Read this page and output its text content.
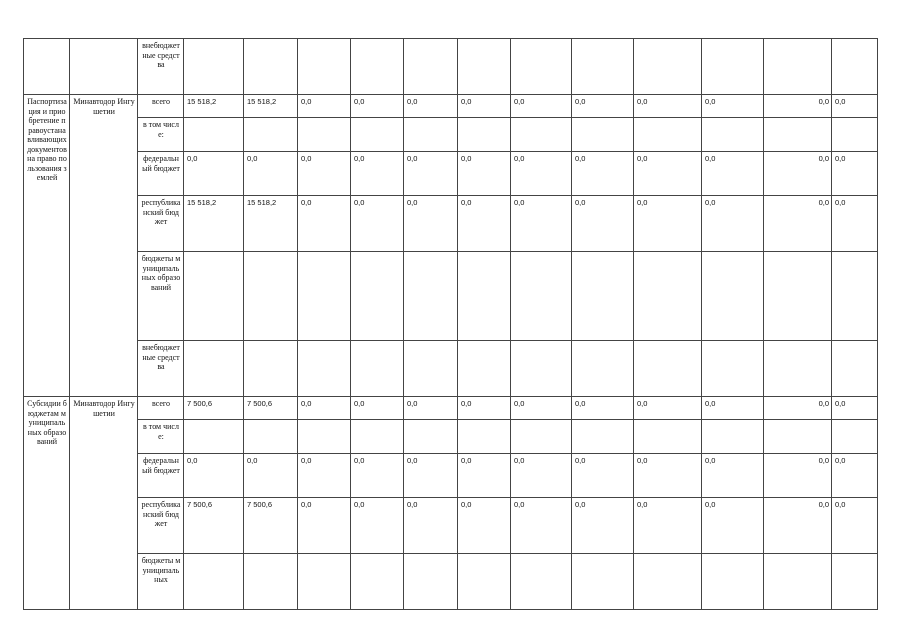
		внебюджетные средства												
Паспортизация и приобретение правоустанавливающих документов на право пользования землей	Минавтодор Ингушетии	всего	15 518,2	15 518,2	0,0	0,0	0,0	0,0	0,0	0,0	0,0	0,0	0,0	0,0
		в том числе:												
		федеральный бюджет	0,0	0,0	0,0	0,0	0,0	0,0	0,0	0,0	0,0	0,0	0,0	0,0
		республиканский бюджет	15 518,2	15 518,2	0,0	0,0	0,0	0,0	0,0	0,0	0,0	0,0	0,0	0,0
		бюджеты муниципальных образований												
		внебюджетные средства												
Субсидии бюджетам муниципальных образований	Минавтодор Ингушетии	всего	7 500,6	7 500,6	0,0	0,0	0,0	0,0	0,0	0,0	0,0	0,0	0,0	0,0
		в том числе:												
		федеральный бюджет	0,0	0,0	0,0	0,0	0,0	0,0	0,0	0,0	0,0	0,0	0,0	0,0
		республиканский бюджет	7 500,6	7 500,6	0,0	0,0	0,0	0,0	0,0	0,0	0,0	0,0	0,0	0,0
		бюджеты муниципальных												
